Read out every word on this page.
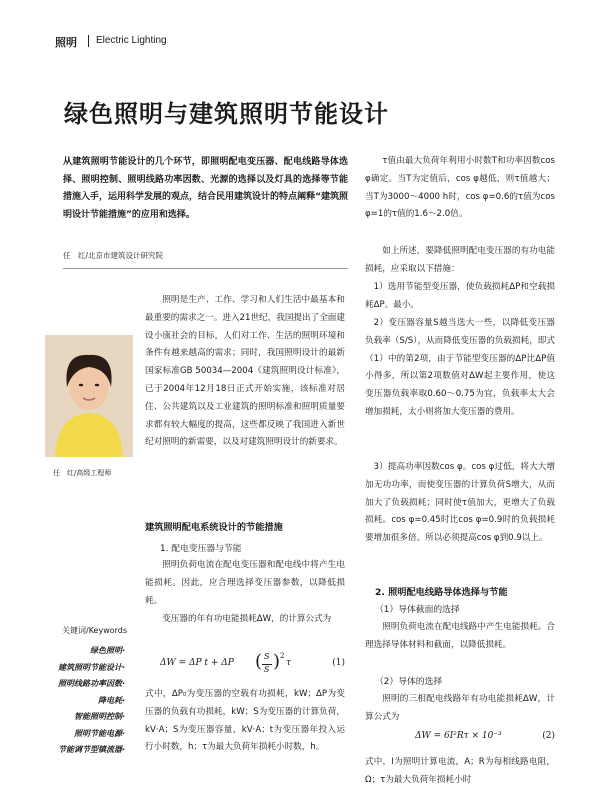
照明 Electric Lighting
绿色照明与建筑照明节能设计
从建筑照明节能设计的几个环节，即照明配电变压器、配电线路导体选择、照明控制、照明线路功率因数、光源的选择以及灯具的选择等节能措施入手，运用科学发展的观点，结合民用建筑设计的特点阐释“建筑照明设计节能措施”的应用和选择。
任　红/北京市建筑设计研究院
任　红/高级工程师
照明是生产、工作、学习和人们生活中最基本和最重要的需求之一。进入21世纪，我国提出了全面建设小康社会的目标，人们对工作、生活的照明环境和条件有越来越高的需求；同时，我国照明设计的最新国家标准GB 50034—2004《建筑照明设计标准》，已于2004年12月18日正式开始实施，该标准对居住、公共建筑以及工业建筑的照明标准和照明质量要求都有较大幅度的提高，这些都反映了我国进入新世纪对照明的新需要，以及对建筑照明设计的新要求。
关键词/Keywords
绿色照明·
建筑照明节能设计·
照明线路功率因数·
降电耗·
智能照明控制·
照明节能电源·
节能调节型镇流器·
建筑照明配电系统设计的节能措施
1. 配电变压器与节能
照明负荷电流在配电变压器和配电线中将产生电能损耗。因此，应合理选择变压器参数，以降低损耗。
变压器的年有功电能损耗ΔW，的计算公式为
ΔW = ΔP t + ΔP ( S
S ) 2
τ	(1)
式中，ΔP₀为变压器的空载有功损耗，kW；ΔP为变压器的负载有功损耗，kW；S为变压器的计算负荷，kV·A；S为变压器容量，kV·A；t为变压器年投入运行小时数，h；τ为最大负荷年损耗小时数，h。
τ值由最大负荷年利用小时数T和功率因数cos φ确定。当T为定值后，cos φ越低，则τ值越大；当T为3000～4000 h时，cos φ=0.6的τ值为cos φ=1的τ值的1.6～2.0倍。
如上所述，要降低照明配电变压器的有功电能损耗，应采取以下措施：
1）选用节能型变压器，使负载损耗ΔP和空载损耗ΔP。最小。
2）变压器容量S越当选大一些，以降低变压器负载率（S/S），从而降低变压器的负载损耗，即式（1）中的第2项，由于节能型变压器的ΔP比ΔP值小得多，所以第2项数值对ΔW起主要作用，使这变压器负载率取0.60～0.75为宜，负载率太大会增加损耗，太小则将加大变压器的费用。
3）提高功率因数cos φ。cos φ过低，将大大增加无功功率，而使变压器的计算负荷S增大，从而加大了负载损耗；同时使τ值加大，更增大了负载损耗。cos φ=0.45时比cos φ=0.9时的负载损耗要增加很多倍。所以必须提高cos φ到0.9以上。
2. 照明配电线路导体选择与节能
（1）导体截面的选择
照明负荷电流在配电线路中产生电能损耗。合理选择导体材料和截面，以降低损耗。
（2）导体的选择
照明的三相配电线路年有功电能损耗ΔW，计算公式为
ΔW = 6I²Rτ × 10⁻³	(2)
式中，I为照明计算电流，A；R为每相线路电阻，Ω；τ为最大负荷年损耗小时
